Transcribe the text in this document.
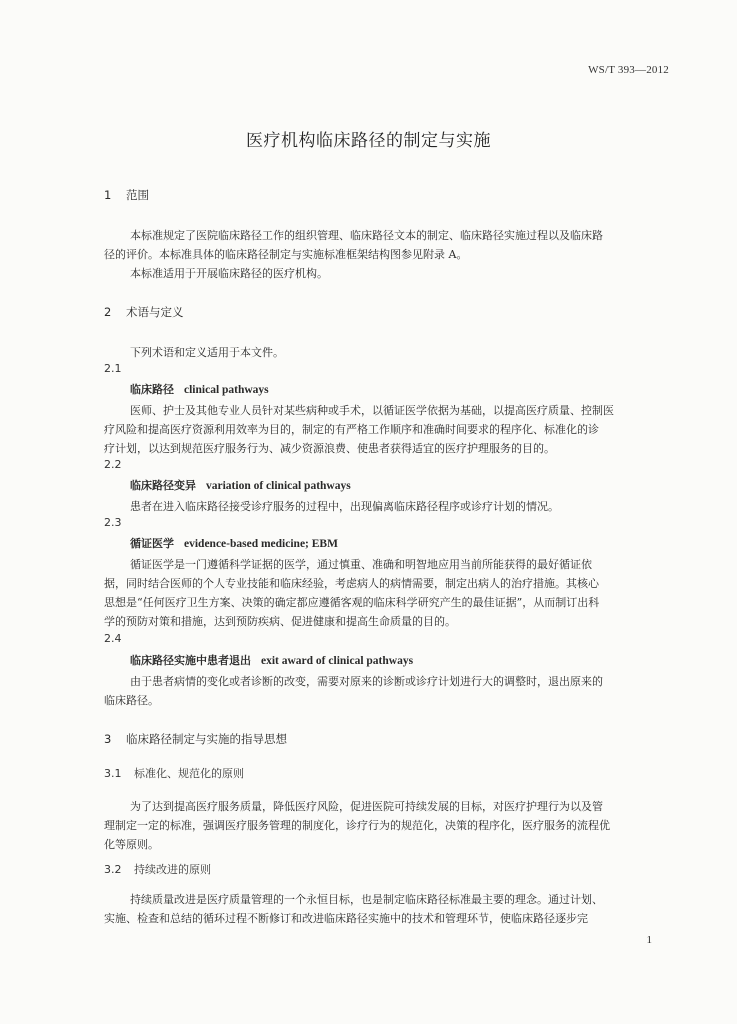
WS/T 393—2012
医疗机构临床路径的制定与实施
1 范围
本标准规定了医院临床路径工作的组织管理、临床路径文本的制定、临床路径实施过程以及临床路
径的评价。本标准具体的临床路径制定与实施标准框架结构图参见附录 A。
本标准适用于开展临床路径的医疗机构。
2 术语与定义
下列术语和定义适用于本文件。
2.1
临床路径 clinical pathways
医师、护士及其他专业人员针对某些病种或手术，以循证医学依据为基础，以提高医疗质量、控制医
疗风险和提高医疗资源利用效率为目的，制定的有严格工作顺序和准确时间要求的程序化、标准化的诊
疗计划，以达到规范医疗服务行为、减少资源浪费、使患者获得适宜的医疗护理服务的目的。
2.2
临床路径变异 variation of clinical pathways
患者在进入临床路径接受诊疗服务的过程中，出现偏离临床路径程序或诊疗计划的情况。
2.3
循证医学 evidence-based medicine; EBM
循证医学是一门遵循科学证据的医学，通过慎重、准确和明智地应用当前所能获得的最好循证依
据，同时结合医师的个人专业技能和临床经验，考虑病人的病情需要，制定出病人的治疗措施。其核心
思想是“任何医疗卫生方案、决策的确定都应遵循客观的临床科学研究产生的最佳证据”，从而制订出科
学的预防对策和措施，达到预防疾病、促进健康和提高生命质量的目的。
2.4
临床路径实施中患者退出 exit award of clinical pathways
由于患者病情的变化或者诊断的改变，需要对原来的诊断或诊疗计划进行大的调整时，退出原来的
临床路径。
3 临床路径制定与实施的指导思想
3.1 标准化、规范化的原则
为了达到提高医疗服务质量，降低医疗风险，促进医院可持续发展的目标，对医疗护理行为以及管
理制定一定的标准，强调医疗服务管理的制度化，诊疗行为的规范化，决策的程序化，医疗服务的流程优
化等原则。
3.2 持续改进的原则
持续质量改进是医疗质量管理的一个永恒目标，也是制定临床路径标准最主要的理念。通过计划、
实施、检查和总结的循环过程不断修订和改进临床路径实施中的技术和管理环节，使临床路径逐步完
1
